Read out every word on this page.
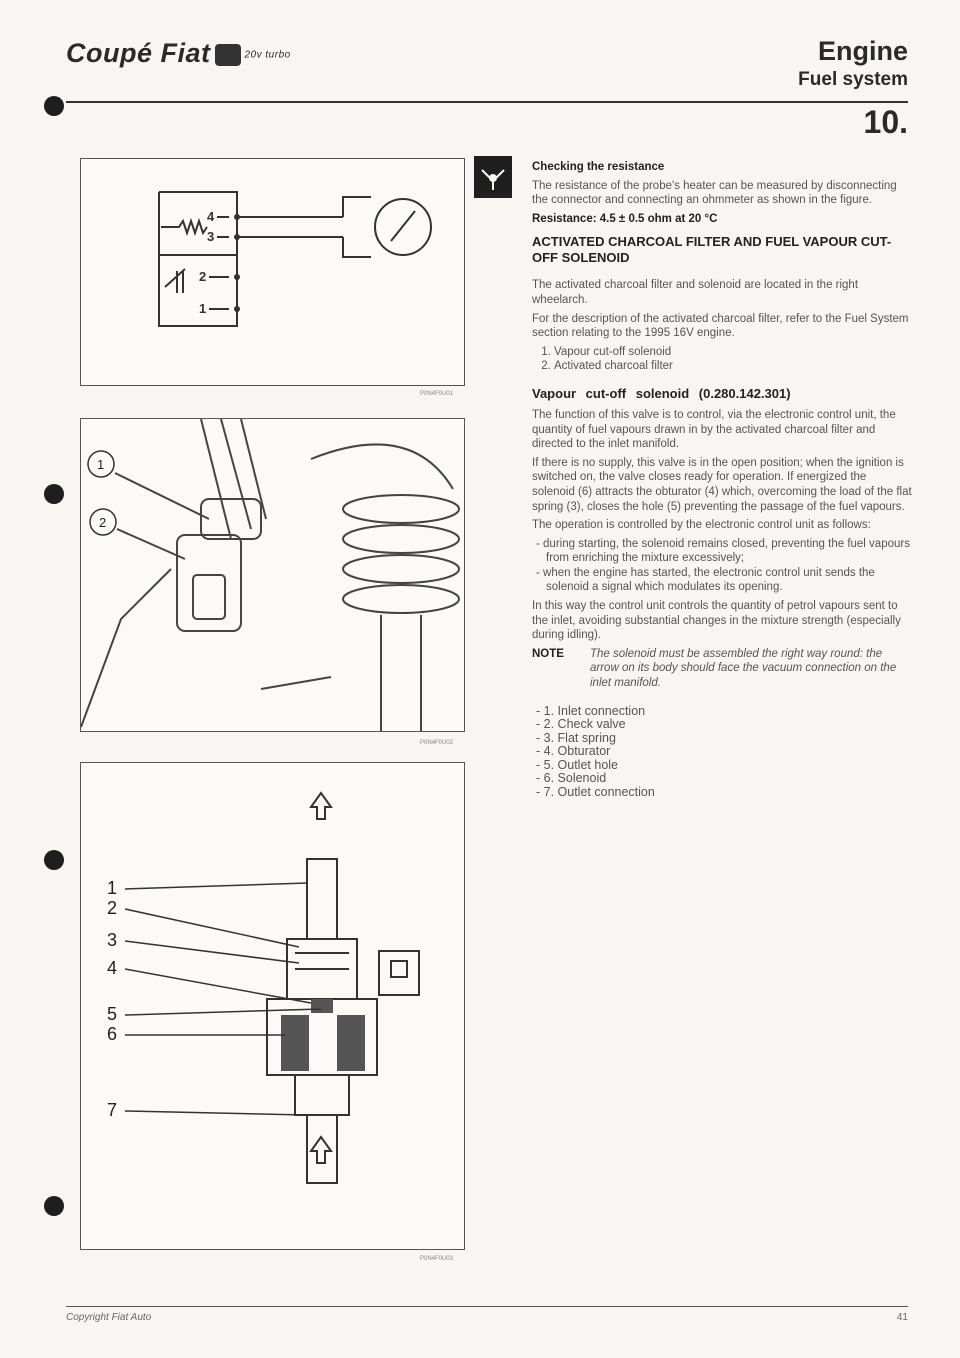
Coupé Fiat	20v turbo	Engine
Fuel system
10.
4
3
2
1
P0N4F0U01
1
2
P0N4F0U02
1
2
3
4
5
6
7
P0N4F0U03

Checking the resistance

The resistance of the probe's heater can be measured by disconnecting the connector and connecting an ohmmeter as shown in the figure.

Resistance: 4.5 ± 0.5 ohm at 20 °C

ACTIVATED CHARCOAL FILTER AND FUEL VAPOUR CUT-OFF SOLENOID

The activated charcoal filter and solenoid are located in the right wheelarch.

For the description of the activated charcoal filter, refer to the Fuel System section relating to the 1995 16V engine.

1. Vapour cut-off solenoid
2. Activated charcoal filter

Vapour cut-off solenoid (0.280.142.301)

The function of this valve is to control, via the electronic control unit, the quantity of fuel vapours drawn in by the activated charcoal filter and directed to the inlet manifold.

If there is no supply, this valve is in the open position; when the ignition is switched on, the valve closes ready for operation. If energized the solenoid (6) attracts the obturator (4) which, overcoming the load of the flat spring (3), closes the hole (5) preventing the passage of the fuel vapours.

The operation is controlled by the electronic control unit as follows:

- during starting, the solenoid remains closed, preventing the fuel vapours from enriching the mixture excessively;
- when the engine has started, the electronic control unit sends the solenoid a signal which modulates its opening.

In this way the control unit controls the quantity of petrol vapours sent to the inlet, avoiding substantial changes in the mixture strength (especially during idling).

NOTE	The solenoid must be assembled the right way round: the arrow on its body should face the vacuum connection on the inlet manifold.
- 1. Inlet connection
- 2. Check valve
- 3. Flat spring
- 4. Obturator
- 5. Outlet hole
- 6. Solenoid
- 7. Outlet connection
Copyright Fiat Auto	41
